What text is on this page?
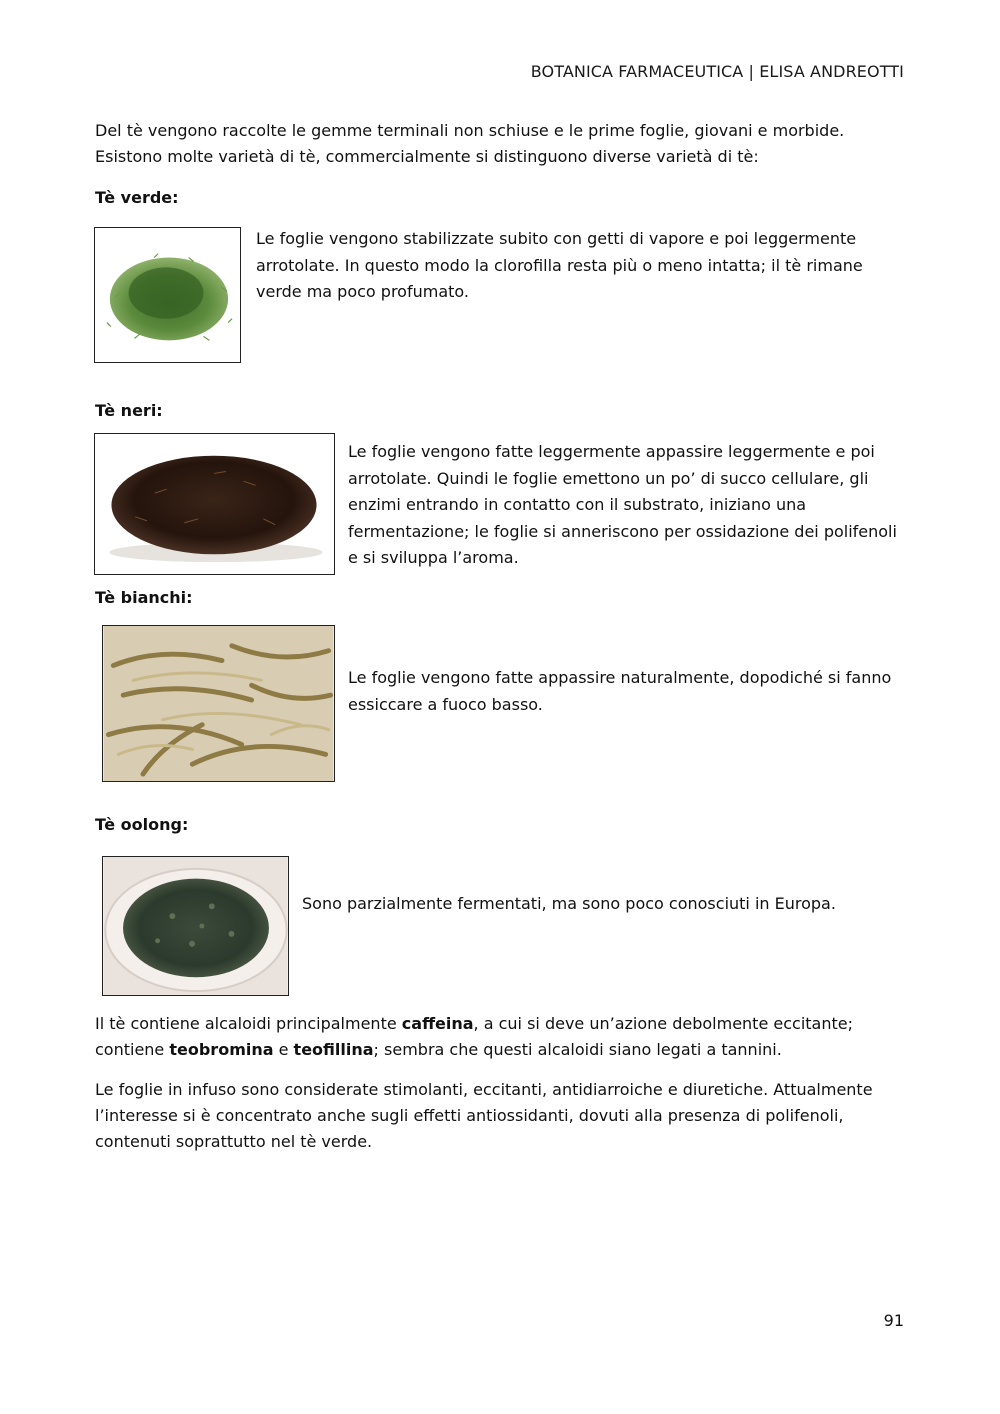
BOTANICA FARMACEUTICA | ELISA ANDREOTTI

Del tè vengono raccolte le gemme terminali non schiuse e le prime foglie, giovani e morbide.

Esistono molte varietà di tè, commercialmente si distinguono diverse varietà di tè:

Tè verde:
Le foglie vengono stabilizzate subito con getti di vapore e poi leggermente arrotolate. In questo modo la clorofilla resta più o meno intatta; il tè rimane verde ma poco profumato.
Tè neri:
Le foglie vengono fatte leggermente appassire leggermente e poi arrotolate. Quindi le foglie emettono un po’ di succo cellulare, gli enzimi entrando in contatto con il substrato, iniziano una fermentazione; le foglie si anneriscono per ossidazione dei polifenoli e si sviluppa l’aroma.
Tè bianchi:
Le foglie vengono fatte appassire naturalmente, dopodiché si fanno essiccare a fuoco basso.
Tè oolong:
Sono parzialmente fermentati, ma sono poco conosciuti in Europa.

Il tè contiene alcaloidi principalmente caffeina, a cui si deve un’azione debolmente eccitante;

contiene teobromina e teofillina; sembra che questi alcaloidi siano legati a tannini.

Le foglie in infuso sono considerate stimolanti, eccitanti, antidiarroiche e diuretiche. Attualmente

l’interesse si è concentrato anche sugli effetti antiossidanti, dovuti alla presenza di polifenoli,

contenuti soprattutto nel tè verde.

91
